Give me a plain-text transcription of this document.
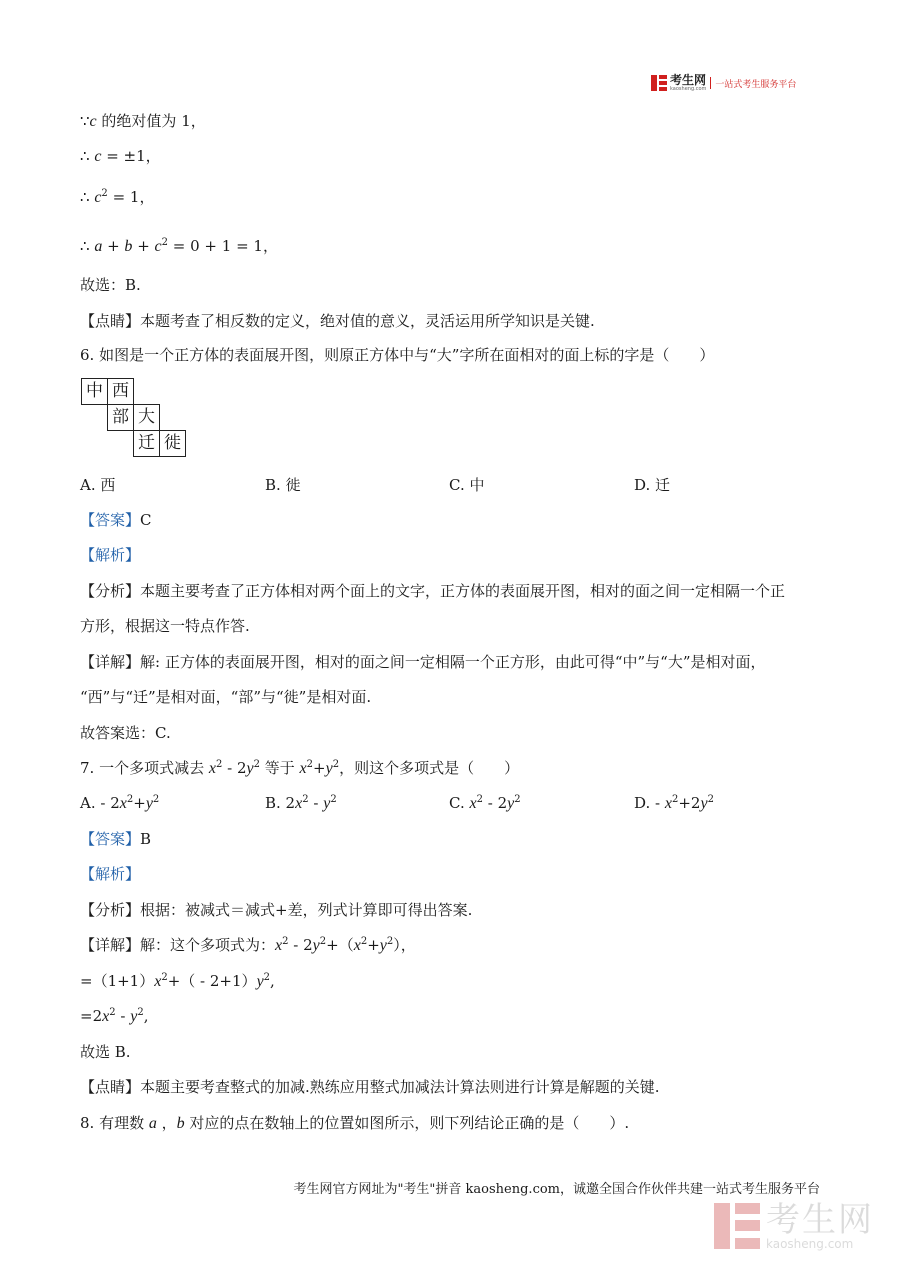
考生网
kaosheng.com 一站式考生服务平台
∵c 的绝对值为 1，
∴ c = ±1，
∴ $c^2 = 1$，
∴ $a + b + c^2 = 0 + 1 = 1$，
故选：B.
【点睛】本题考查了相反数的定义，绝对值的意义，灵活运用所学知识是关键.
6. 如图是一个正方体的表面展开图，则原正方体中与“大”字所在面相对的面上标的字是（　　）
中 西
部 大
迁 徙
A. 西	B. 徙	C. 中	D. 迁
【答案】C
【解析】
【分析】本题主要考查了正方体相对两个面上的文字，正方体的表面展开图，相对的面之间一定相隔一个正
方形，根据这一特点作答.
【详解】解: 正方体的表面展开图，相对的面之间一定相隔一个正方形，由此可得“中”与“大”是相对面，
“西”与“迁”是相对面，“部”与“徙”是相对面.
故答案选：C.
7. 一个多项式减去 $x^2 - 2y^2$ 等于 $x^2+y^2$，则这个多项式是（　　）
A. - $2x^2+y^2$	B. $2x^2 - y^2$	C. $x^2 - 2y^2$	D. - $x^2+2y^2$
【答案】B
【解析】
【分析】根据：被减式＝减式+差，列式计算即可得出答案.
【详解】解：这个多项式为：$x^2 - 2y^2+(x^2+y^2)$，
$=(1+1)x^2+( - 2+1)y^2$,
$=2x^2 - y^2$,
故选 B.
【点睛】本题主要考查整式的加减.熟练应用整式加减法计算法则进行计算是解题的关键.
8. 有理数 a ，b 对应的点在数轴上的位置如图所示，则下列结论正确的是（　　）.
考生网官方网址为"考生"拼音 kaosheng.com，诚邀全国合作伙伴共建一站式考生服务平台
考生网
kaosheng.com
